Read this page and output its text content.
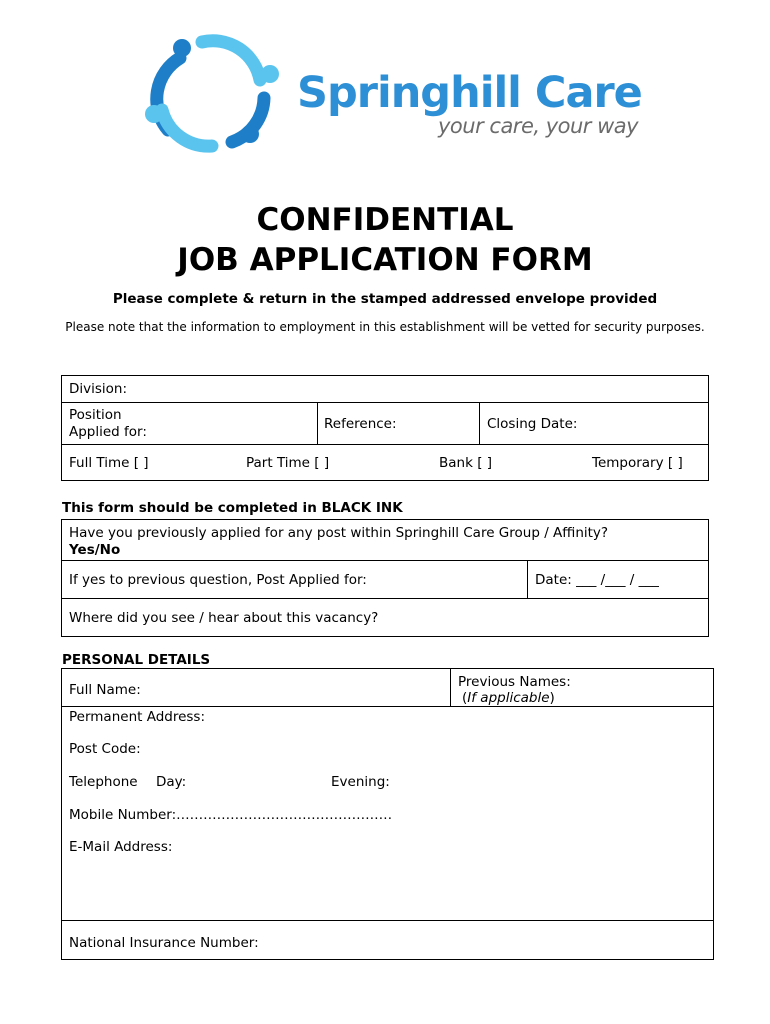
Springhill Care
your care, your way
CONFIDENTIAL
JOB APPLICATION FORM
Please complete & return in the stamped addressed envelope provided
Please note that the information to employment in this establishment will be vetted for security purposes.
Division:
Position
Applied for:	Reference:	Closing Date:
Full Time [ ]	Part Time [ ]	Bank [ ]	Temporary [ ]
This form should be completed in BLACK INK
Have you previously applied for any post within Springhill Care Group / Affinity?
Yes/No
If yes to previous question, Post Applied for:	Date: ___ /___ / ___
Where did you see / hear about this vacancy?
PERSONAL DETAILS
Full Name:	Previous Names:
(If applicable)
Permanent Address:
Post Code:
Telephone Day:	Evening:
Mobile Number:…………………………………………
E-Mail Address:
National Insurance Number:
